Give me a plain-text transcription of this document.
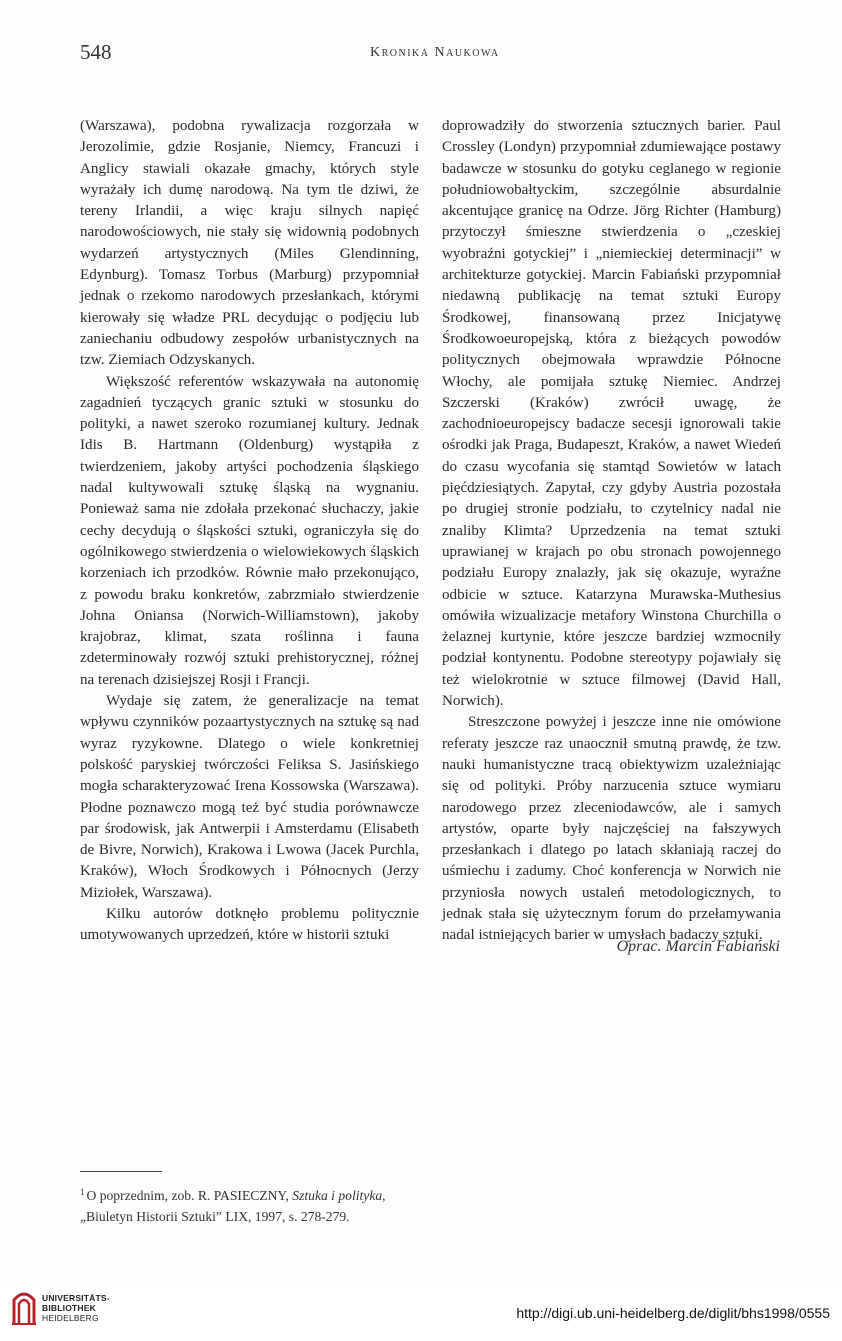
548	Kronika Naukowa

(Warszawa), podobna rywalizacja rozgorzała w Jerozolimie, gdzie Rosjanie, Niemcy, Francuzi i Anglicy stawiali okazałe gmachy, których style wyrażały ich dumę narodową. Na tym tle dziwi, że tereny Irlandii, a więc kraju silnych napięć narodowościowych, nie stały się widownią podobnych wydarzeń artystycznych (Miles Glendinning, Edynburg). Tomasz Torbus (Marburg) przypomniał jednak o rzekomo narodowych przesłankach, którymi kierowały się władze PRL decydując o podjęciu lub zaniechaniu odbudowy zespołów urbanistycznych na tzw. Ziemiach Odzyskanych.

Większość referentów wskazywała na autonomię zagadnień tyczących granic sztuki w stosunku do polityki, a nawet szeroko rozumianej kultury. Jednak Idis B. Hartmann (Oldenburg) wystąpiła z twierdzeniem, jakoby artyści pochodzenia śląskiego nadal kultywowali sztukę śląską na wygnaniu. Ponieważ sama nie zdołała przekonać słuchaczy, jakie cechy decydują o śląskości sztuki, ograniczyła się do ogólnikowego stwierdzenia o wielowiekowych śląskich korzeniach ich przodków. Równie mało przekonująco, z powodu braku konkretów, zabrzmiało stwierdzenie Johna Oniansa (Norwich-Williamstown), jakoby krajobraz, klimat, szata roślinna i fauna zdeterminowały rozwój sztuki prehistorycznej, różnej na terenach dzisiejszej Rosji i Francji.

Wydaje się zatem, że generalizacje na temat wpływu czynników pozaartystycznych na sztukę są nad wyraz ryzykowne. Dlatego o wiele konkretniej polskość paryskiej twórczości Feliksa S. Jasińskiego mogła scharakteryzować Irena Kossowska (Warszawa). Płodne poznawczo mogą też być studia porównawcze par środowisk, jak Antwerpii i Amsterdamu (Elisabeth de Bivre, Norwich), Krakowa i Lwowa (Jacek Purchla, Kraków), Włoch Środkowych i Północnych (Jerzy Miziołek, Warszawa).

Kilku autorów dotknęło problemu politycznie umotywowanych uprzedzeń, które w historii sztuki

doprowadziły do stworzenia sztucznych barier. Paul Crossley (Londyn) przypomniał zdumiewające postawy badawcze w stosunku do gotyku ceglanego w regionie południowobałtyckim, szczególnie absurdalnie akcentujące granicę na Odrze. Jörg Richter (Hamburg) przytoczył śmieszne stwierdzenia o „czeskiej wyobraźni gotyckiej” i „niemieckiej determinacji” w architekturze gotyckiej. Marcin Fabiański przypomniał niedawną publikację na temat sztuki Europy Środkowej, finansowaną przez Inicjatywę Środkowoeuropejską, która z bieżących powodów politycznych obejmowała wprawdzie Północne Włochy, ale pomijała sztukę Niemiec. Andrzej Szczerski (Kraków) zwrócił uwagę, że zachodnioeuropejscy badacze secesji ignorowali takie ośrodki jak Praga, Budapeszt, Kraków, a nawet Wiedeń do czasu wycofania się stamtąd Sowietów w latach pięćdziesiątych. Zapytał, czy gdyby Austria pozostała po drugiej stronie podziału, to czytelnicy nadal nie znaliby Klimta? Uprzedzenia na temat sztuki uprawianej w krajach po obu stronach powojennego podziału Europy znalazły, jak się okazuje, wyraźne odbicie w sztuce. Katarzyna Murawska-Muthesius omówiła wizualizacje metafory Winstona Churchilla o żelaznej kurtynie, które jeszcze bardziej wzmocniły podział kontynentu. Podobne stereotypy pojawiały się też wielokrotnie w sztuce filmowej (David Hall, Norwich).

Streszczone powyżej i jeszcze inne nie omówione referaty jeszcze raz unaocznił smutną prawdę, że tzw. nauki humanistyczne tracą obiektywizm uzależniając się od polityki. Próby narzucenia sztuce wymiaru narodowego przez zleceniodawców, ale i samych artystów, oparte były najczęściej na fałszywych przesłankach i dlatego po latach skłaniają raczej do uśmiechu i zadumy. Choć konferencja w Norwich nie przyniosła nowych ustaleń metodologicznych, to jednak stała się użytecznym forum do przełamywania nadal istniejących barier w umysłach badaczy sztuki.

Oprac. Marcin Fabiański
$^1$ O poprzednim, zob. R. PASIECZNY, Sztuka i polityka, „Biuletyn Historii Sztuki” LIX, 1997, s. 278-279.
UNIVERSITÄTS-
BIBLIOTHEK
HEIDELBERG	http://digi.ub.uni-heidelberg.de/diglit/bhs1998/0555
